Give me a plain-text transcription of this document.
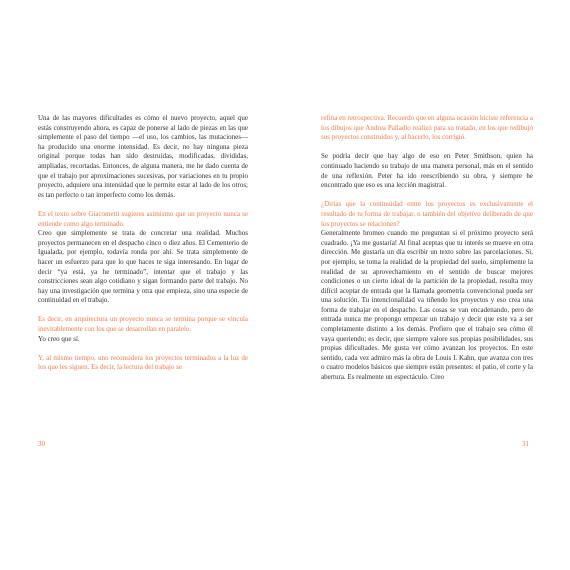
Una de las mayores dificultades es cómo el nuevo proyecto, aquel que estás construyendo ahora, es capaz de ponerse al lado de piezas en las que simplemente el paso del tiempo —el uso, los cambios, las mutaciones— ha producido una enorme intensidad. Es decir, no hay ninguna pieza original porque todas han sido destruidas, modificadas, divididas, ampliadas, recortadas. Entonces, de alguna manera, me he dado cuenta de que el trabajo por aproximaciones sucesivas, por variaciones en tu propio proyecto, adquiere una intensidad que le permite estar al lado de los otros; es tan perfecto o tan imperfecto como los demás.

En el texto sobre Giacometti sugieres asimismo que un proyecto nunca se entiende como algo terminado.

Creo que simplemente se trata de concretar una realidad. Muchos proyectos permanecen en el despacho cinco o diez años. El Cementerio de Igualada, por ejemplo, todavía ronda por ahí. Se trata simplemente de hacer un esfuerzo para que lo que haces te siga interesando. En lugar de decir “ya está, ya he terminado”, intentar que el trabajo y las constricciones sean algo cotidiano y sigan formando parte del trabajo. No hay una investigación que termina y otra que empieza, sino una especie de continuidad en el trabajo.

Es decir, en arquitectura un proyecto nunca se termina porque se vincula inevitablemente con los que se desarrollan en paralelo.

Yo creo que sí.

Y, al mismo tiempo, uno reconsidera los proyectos terminados a la luz de los que les siguen. Es decir, la lectura del trabajo se

30

refina en retrospectiva. Recuerdo que en alguna ocasión hiciste referencia a los dibujos que Andrea Palladio realizó para su tratado, en los que redibujó sus proyectos construidos y, al hacerlo, los corrigió.

Se podría decir que hay algo de eso en Peter Smithson, quien ha continuado haciendo su trabajo de una manera personal, más en el sentido de una reflexión. Peter ha ido reescribiendo su obra, y siempre he encontrado que eso es una lección magistral.

¿Dirías que la continuidad entre los proyectos es exclusivamente el resultado de tu forma de trabajar, o también del objetivo deliberado de que los proyectos se relacionen?

Generalmente bromeo cuando me preguntan si el próximo proyecto será cuadrado. ¡Ya me gustaría! Al final aceptas que tu interés se mueve en otra dirección. Me gustaría un día escribir un texto sobre las parcelaciones. Si, por ejemplo, se toma la realidad de la propiedad del suelo, simplemente la realidad de su aprovechamiento en el sentido de buscar mejores condiciones o un cierto ideal de la partición de la propiedad, resulta muy difícil aceptar de entrada que la llamada geometría convencional pueda ser una solución. Tu intencionalidad va tiñendo los proyectos y eso crea una forma de trabajar en el despacho. Las cosas se van encadenando, pero de entrada nunca me propongo empezar un trabajo y decir que este va a ser completamente distinto a los demás. Prefiero que el trabajo sea cómo él vaya queriendo; es decir, que siempre valore sus propias posibilidades, sus propias dificultades. Me gusta ver cómo avanzan los proyectos. En este sentido, cada vez admiro más la obra de Louis I. Kahn, que avanza con tres o cuatro modelos básicos que siempre están presentes: el patio, el corte y la abertura. Es realmente un espectáculo. Creo

31
